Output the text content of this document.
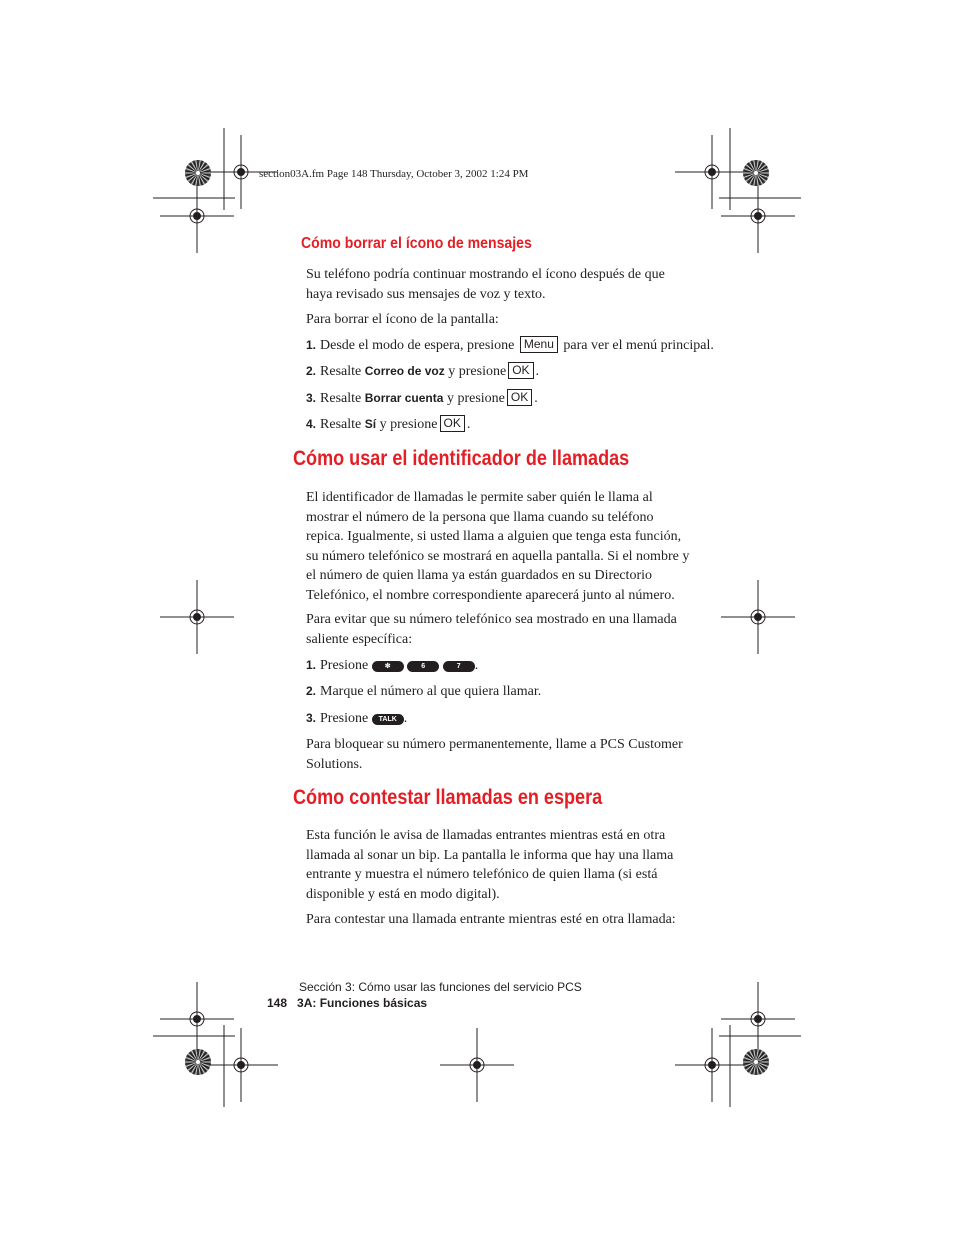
section03A.fm Page 148 Thursday, October 3, 2002 1:24 PM
Cómo borrar el ícono de mensajes
Su teléfono podría continuar mostrando el ícono después de que haya revisado sus mensajes de voz y texto.
Para borrar el ícono de la pantalla:
1. Desde el modo de espera, presione Menu para ver el menú principal.
2. Resalte Correo de voz y presione OK .
3. Resalte Borrar cuenta y presione OK .
4. Resalte Sí y presione OK .
Cómo usar el identificador de llamadas
El identificador de llamadas le permite saber quién le llama al mostrar el número de la persona que llama cuando su teléfono repica. Igualmente, si usted llama a alguien que tenga esta función, su número telefónico se mostrará en aquella pantalla. Si el nombre y el número de quien llama ya están guardados en su Directorio Telefónico, el nombre correspondiente aparecerá junto al número.
Para evitar que su número telefónico sea mostrado en una llamada saliente específica:
1. Presione ✻	6	7 .
2. Marque el número al que quiera llamar.
3. Presione TALK .
Para bloquear su número permanentemente, llame a PCS Customer Solutions.
Cómo contestar llamadas en espera
Esta función le avisa de llamadas entrantes mientras está en otra llamada al sonar un bip. La pantalla le informa que hay una llama entrante y muestra el número telefónico de quien llama (si está disponible y está en modo digital).
Para contestar una llamada entrante mientras esté en otra llamada:
Sección 3: Cómo usar las funciones del servicio PCS
148 3A: Funciones básicas
